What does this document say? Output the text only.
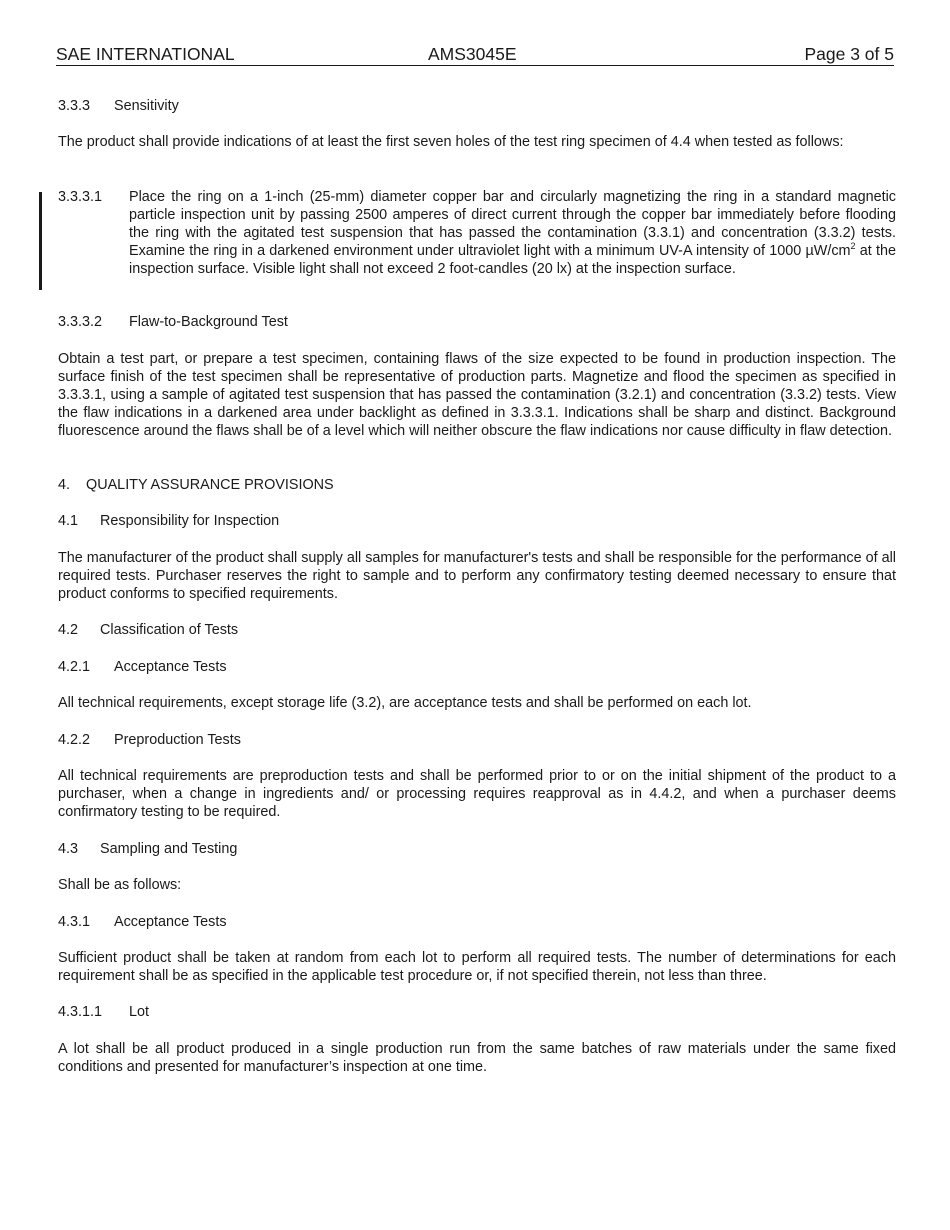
SAE INTERNATIONAL	AMS3045E	Page 3 of 5
3.3.3 Sensitivity
The product shall provide indications of at least the first seven holes of the test ring specimen of 4.4 when tested as follows:
3.3.3.1 Place the ring on a 1-inch (25-mm) diameter copper bar and circularly magnetizing the ring in a standard magnetic particle inspection unit by passing 2500 amperes of direct current through the copper bar immediately before flooding the ring with the agitated test suspension that has passed the contamination (3.3.1) and concentration (3.3.2) tests. Examine the ring in a darkened environment under ultraviolet light with a minimum UV-A intensity of 1000 $\mu W/cm^2$ at the inspection surface. Visible light shall not exceed 2 foot-candles (20 lx) at the inspection surface.
3.3.3.2 Flaw-to-Background Test
Obtain a test part, or prepare a test specimen, containing flaws of the size expected to be found in production inspection. The surface finish of the test specimen shall be representative of production parts. Magnetize and flood the specimen as specified in 3.3.3.1, using a sample of agitated test suspension that has passed the contamination (3.2.1) and concentration (3.3.2) tests. View the flaw indications in a darkened area under backlight as defined in 3.3.3.1. Indications shall be sharp and distinct. Background fluorescence around the flaws shall be of a level which will neither obscure the flaw indications nor cause difficulty in flaw detection.
4. QUALITY ASSURANCE PROVISIONS
4.1 Responsibility for Inspection
The manufacturer of the product shall supply all samples for manufacturer's tests and shall be responsible for the performance of all required tests. Purchaser reserves the right to sample and to perform any confirmatory testing deemed necessary to ensure that product conforms to specified requirements.
4.2 Classification of Tests
4.2.1 Acceptance Tests
All technical requirements, except storage life (3.2), are acceptance tests and shall be performed on each lot.
4.2.2 Preproduction Tests
All technical requirements are preproduction tests and shall be performed prior to or on the initial shipment of the product to a purchaser, when a change in ingredients and/ or processing requires reapproval as in 4.4.2, and when a purchaser deems confirmatory testing to be required.
4.3 Sampling and Testing
Shall be as follows:
4.3.1 Acceptance Tests
Sufficient product shall be taken at random from each lot to perform all required tests. The number of determinations for each requirement shall be as specified in the applicable test procedure or, if not specified therein, not less than three.
4.3.1.1 Lot
A lot shall be all product produced in a single production run from the same batches of raw materials under the same fixed conditions and presented for manufacturer’s inspection at one time.
